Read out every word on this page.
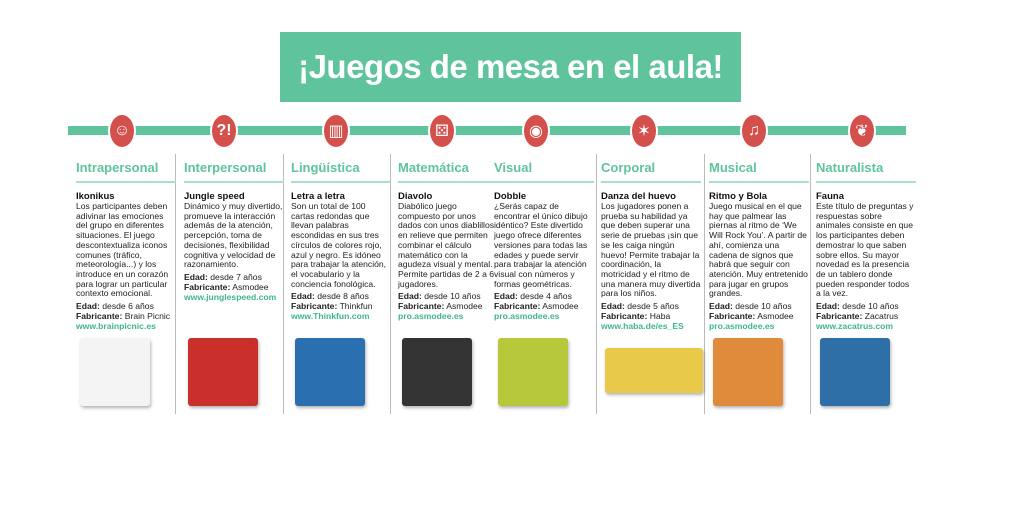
¡Juegos de mesa en el aula!
☺
Intrapersonal
Ikonikus

Los participantes deben adivinar las emociones del grupo en diferentes situaciones. El juego descontextualiza iconos comunes (tráfico, meteorología...) y los introduce en un corazón para lograr un particular contexto emocional.

Edad: desde 6 años
Fabricante: Brain Picnic
www.brainpicnic.es
?!
Interpersonal
Jungle speed

Dinámico y muy divertido, promueve la interacción además de la atención, percepción, toma de decisiones, flexibilidad cognitiva y velocidad de razonamiento.

Edad: desde 7 años
Fabricante: Asmodee
www.junglespeed.com
▥
Lingüística
Letra a letra

Son un total de 100 cartas redondas que llevan palabras escondidas en sus tres círculos de colores rojo, azul y negro. Es idóneo para trabajar la atención, el vocabulario y la conciencia fonológica.

Edad: desde 8 años
Fabricante: Thinkfun
www.Thinkfun.com
⚄
Matemática
Diavolo

Diabólico juego compuesto por unos dados con unos diablillos en relieve que permiten combinar el cálculo matemático con la agudeza visual y mental. Permite partidas de 2 a 6 jugadores.

Edad: desde 10 años
Fabricante: Asmodee
pro.asmodee.es
◉
Visual
Dobble

¿Serás capaz de encontrar el único dibujo idéntico? Este divertido juego ofrece diferentes versiones para todas las edades y puede servir para trabajar la atención visual con números y formas geométricas.

Edad: desde 4 años
Fabricante: Asmodee
pro.asmodee.es
✶
Corporal
Danza del huevo

Los jugadores ponen a prueba su habilidad ya que deben superar una serie de pruebas ¡sin que se les caiga ningún huevo! Permite trabajar la coordinación, la motricidad y el ritmo de una manera muy divertida para los niños.

Edad: desde 5 años
Fabricante: Haba
www.haba.de/es_ES
♫
Musical
Ritmo y Bola

Juego musical en el que hay que palmear las piernas al ritmo de ‘We Will Rock You’. A partir de ahí, comienza una cadena de signos que habrá que seguir con atención. Muy entretenido para jugar en grupos grandes.

Edad: desde 10 años
Fabricante: Asmodee
pro.asmodee.es
❦
Naturalista
Fauna

Este título de preguntas y respuestas sobre animales consiste en que los participantes deben demostrar lo que saben sobre ellos. Su mayor novedad es la presencia de un tablero donde pueden responder todos a la vez.

Edad: desde 10 años
Fabricante: Zacatrus
www.zacatrus.com
